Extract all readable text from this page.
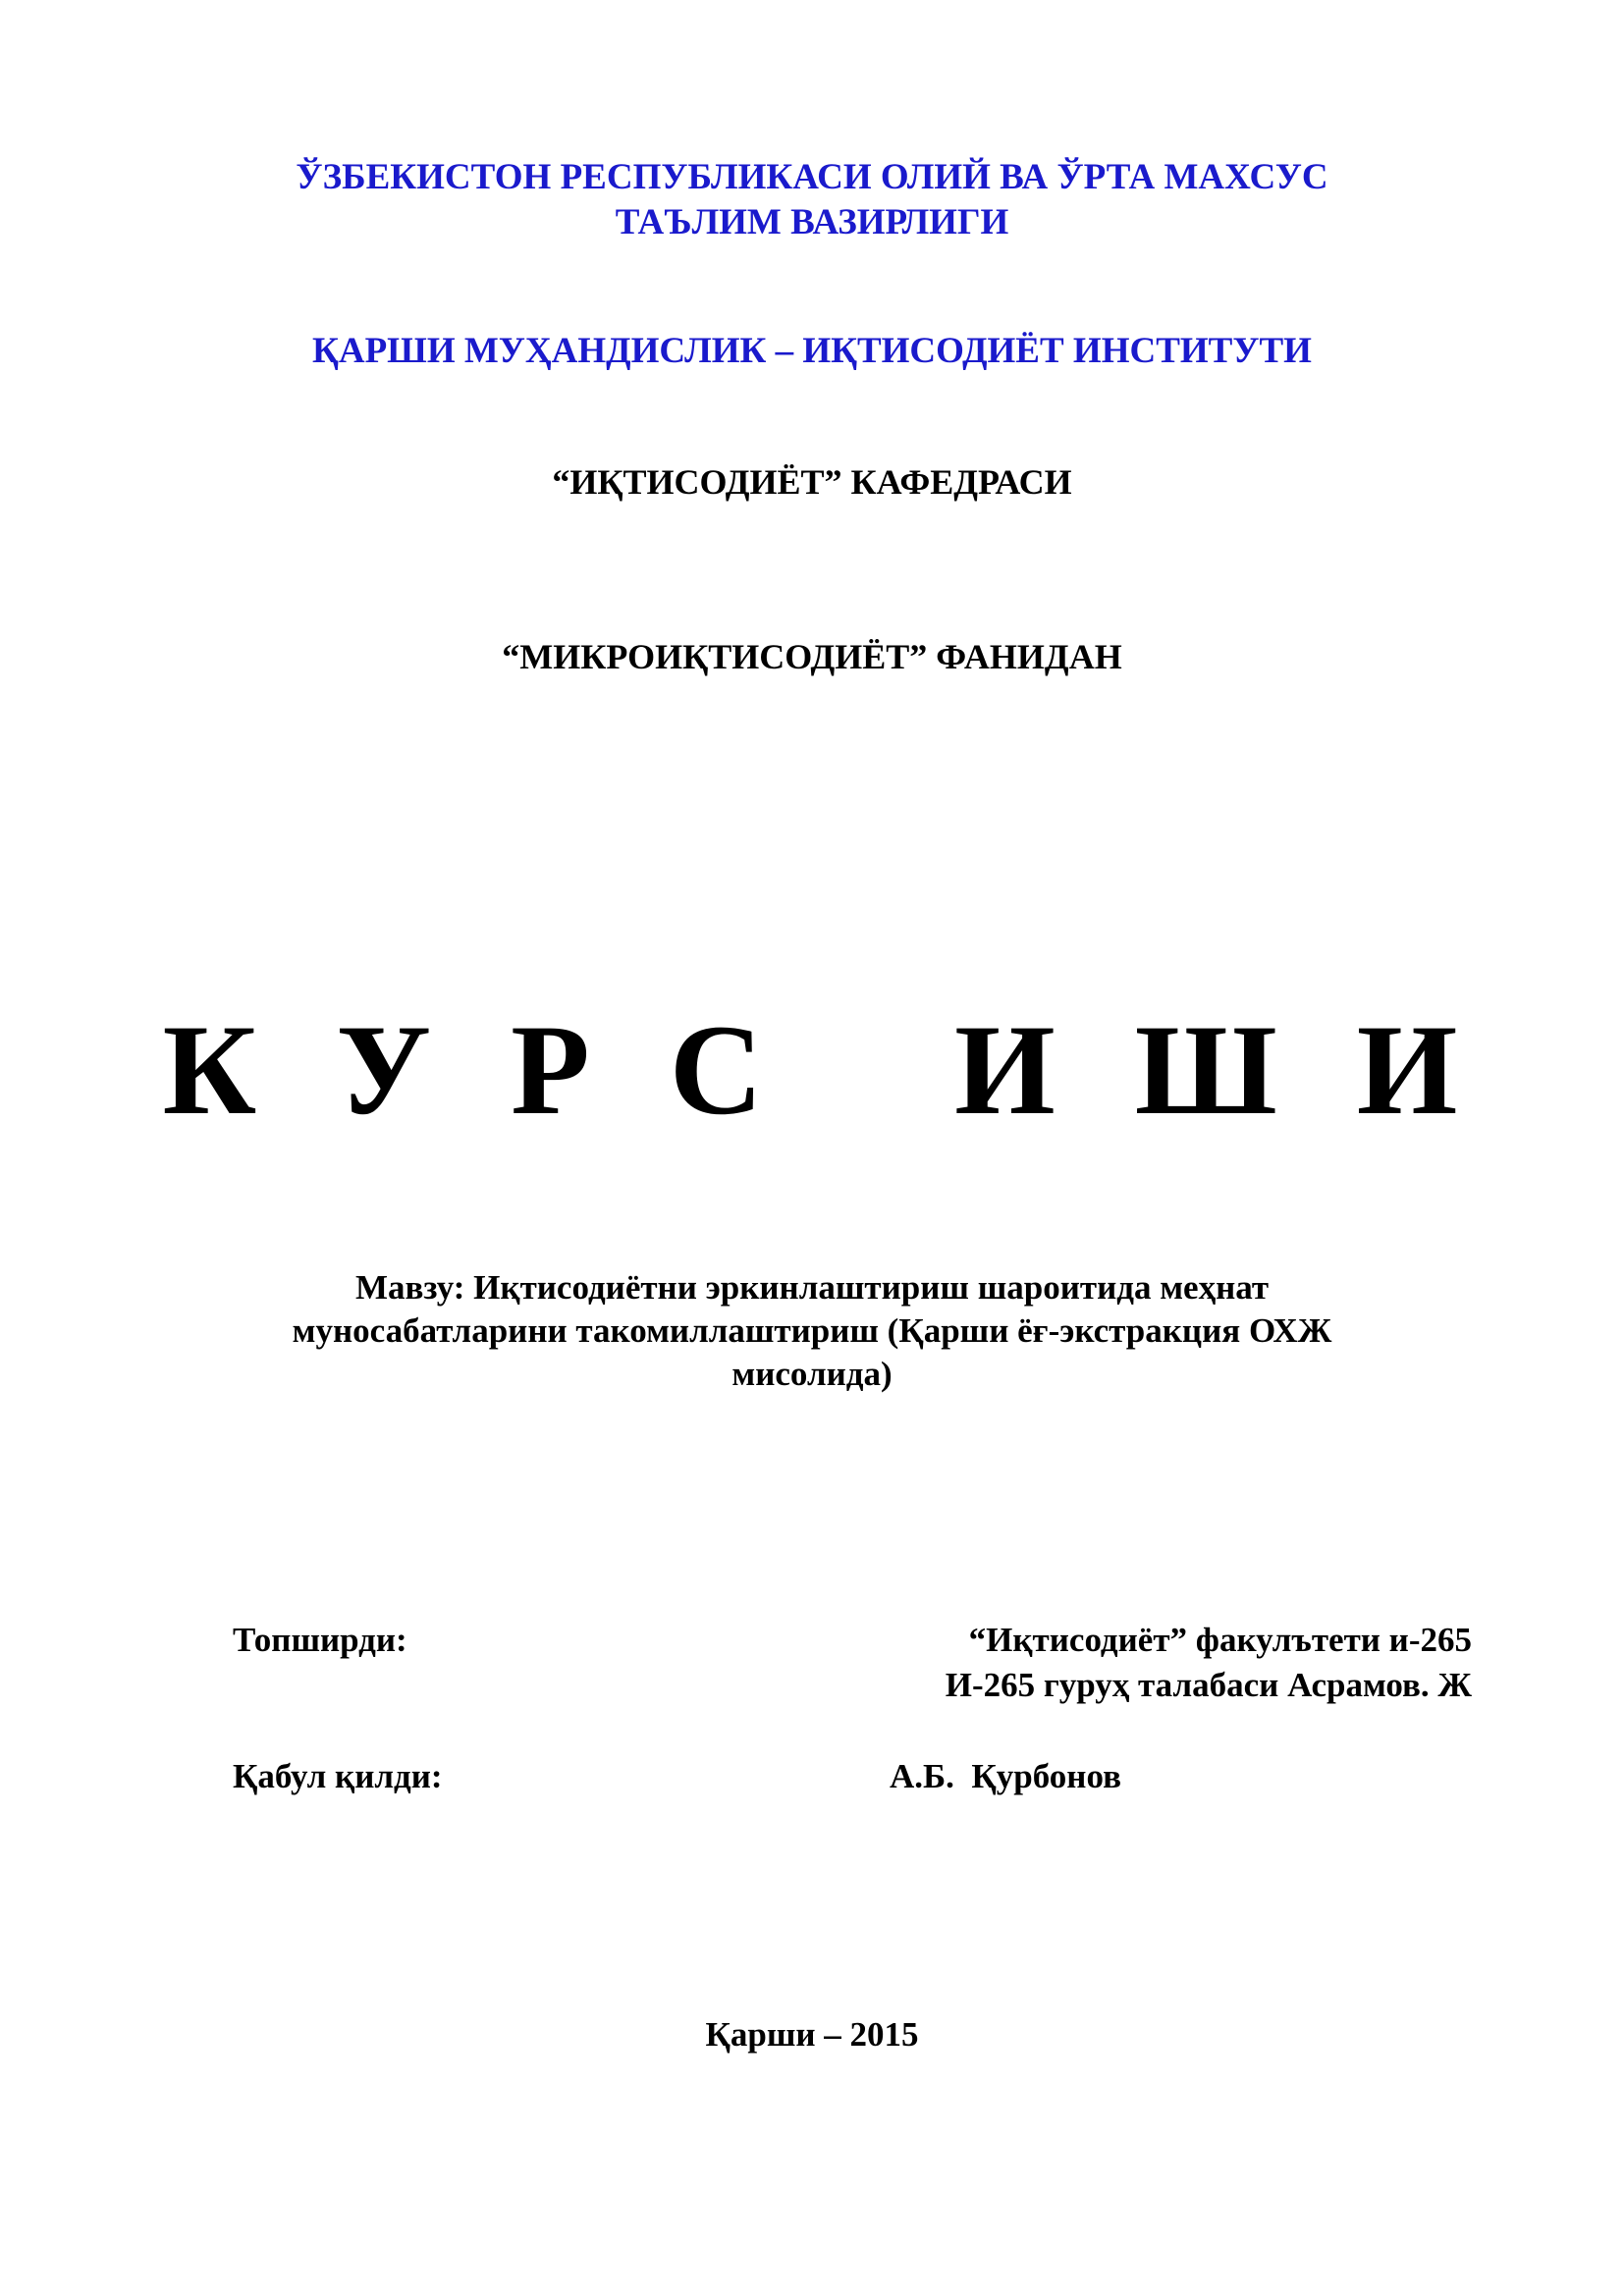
ЎЗБЕКИСТОН РЕСПУБЛИКАСИ ОЛИЙ ВА ЎРТА МАХСУС
ТАЪЛИМ ВАЗИРЛИГИ
ҚАРШИ МУҲАНДИСЛИК – ИҚТИСОДИЁТ ИНСТИТУТИ
“ИҚТИСОДИЁТ” КАФЕДРАСИ
“МИКРОИҚТИСОДИЁТ” ФАНИДАН
К У Р С   И Ш И
Мавзу: Иқтисодиётни эркинлаштириш шароитида меҳнат
муносабатларини такомиллаштириш (Қарши ёғ-экстракция ОХЖ
мисолида)
Топширди:	“Иқтисодиёт” факулътети и-265
И-265 гуруҳ талабаси Асрамов. Ж
Қабул қилди:	А.Б.  Қурбонов
Қарши – 2015
